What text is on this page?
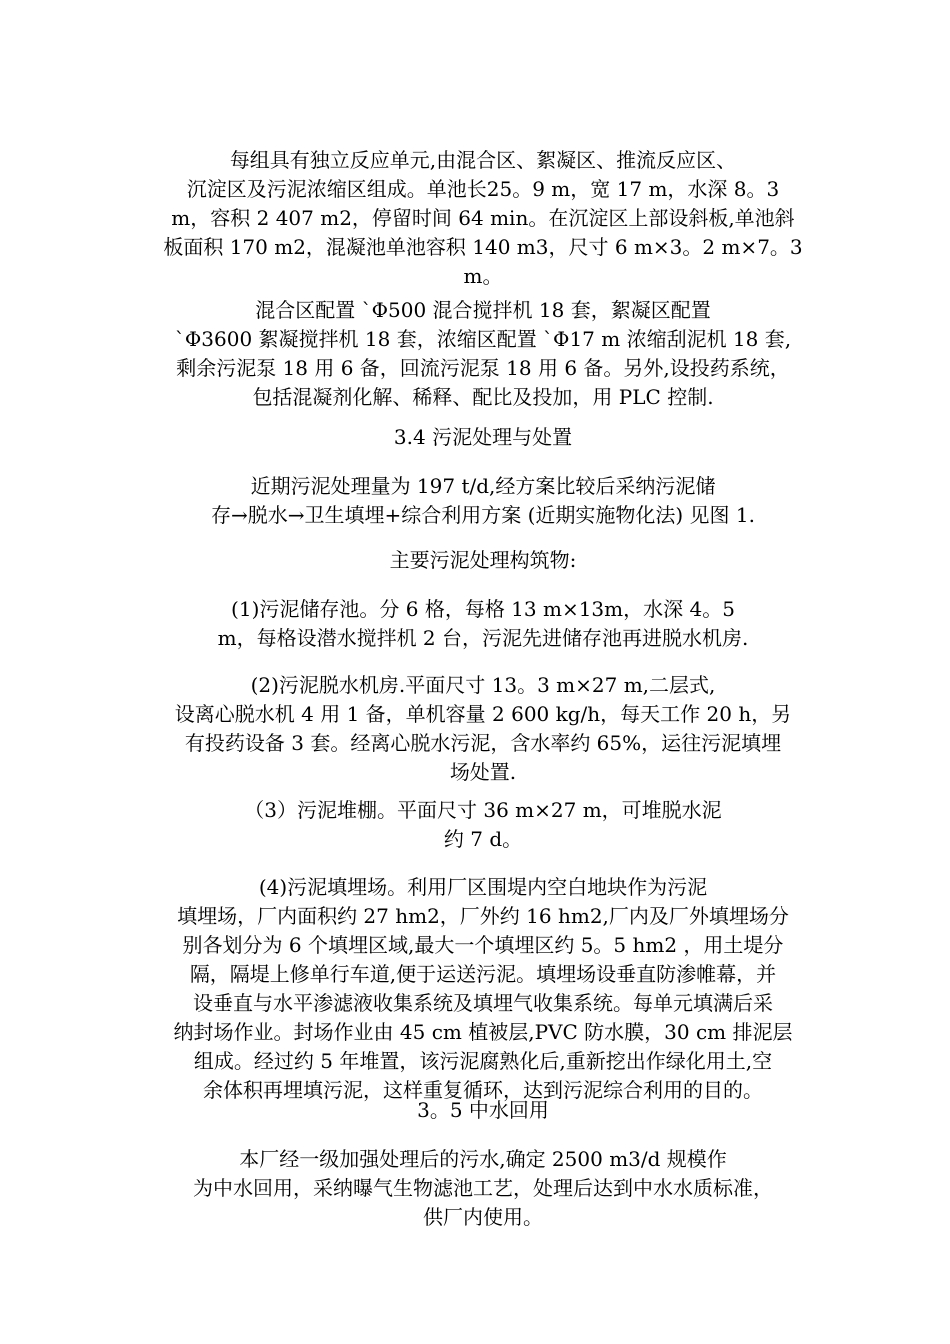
每组具有独立反应单元,由混合区、絮凝区、推流反应区、
沉淀区及污泥浓缩区组成。单池长25。9 m，宽 17 m，水深 8。3
m，容积 2 407 m2，停留时间 64 min。在沉淀区上部设斜板,单池斜
板面积 170 m2，混凝池单池容积 140 m3，尺寸 6 m×3。2 m×7。3
m。
混合区配置 `Φ500 混合搅拌机 18 套，絮凝区配置
`Φ3600 絮凝搅拌机 18 套，浓缩区配置 `Φ17 m 浓缩刮泥机 18 套,
剩余污泥泵 18 用 6 备，回流污泥泵 18 用 6 备。另外,设投药系统，
包括混凝剂化解、稀释、配比及投加，用 PLC 控制.
3.4 污泥处理与处置
近期污泥处理量为 197 t/d,经方案比较后采纳污泥储
存→脱水→卫生填埋+综合利用方案 (近期实施物化法) 见图 1.
主要污泥处理构筑物:
(1)污泥储存池。分 6 格，每格 13 m×13m，水深 4。5
m，每格设潜水搅拌机 2 台，污泥先进储存池再进脱水机房.
(2)污泥脱水机房.平面尺寸 13。3 m×27 m,二层式,
设离心脱水机 4 用 1 备，单机容量 2 600 kg/h，每天工作 20 h，另
有投药设备 3 套。经离心脱水污泥，含水率约 65%，运往污泥填埋
场处置.
（3）污泥堆棚。平面尺寸 36 m×27 m，可堆脱水泥
约 7 d。
(4)污泥填埋场。利用厂区围堤内空白地块作为污泥
填埋场，厂内面积约 27 hm2，厂外约 16 hm2,厂内及厂外填埋场分
别各划分为 6 个填埋区域,最大一个填埋区约 5。5 hm2 ，用土堤分
隔，隔堤上修单行车道,便于运送污泥。填埋场设垂直防渗帷幕，并
设垂直与水平渗滤液收集系统及填埋气收集系统。每单元填满后采
纳封场作业。封场作业由 45 cm 植被层,PVC 防水膜，30 cm 排泥层
组成。经过约 5 年堆置，该污泥腐熟化后,重新挖出作绿化用土,空
余体积再埋填污泥，这样重复循环，达到污泥综合利用的目的。
3。5 中水回用
本厂经一级加强处理后的污水,确定 2500 m3/d 规模作
为中水回用，采纳曝气生物滤池工艺，处理后达到中水水质标准，
供厂内使用。
